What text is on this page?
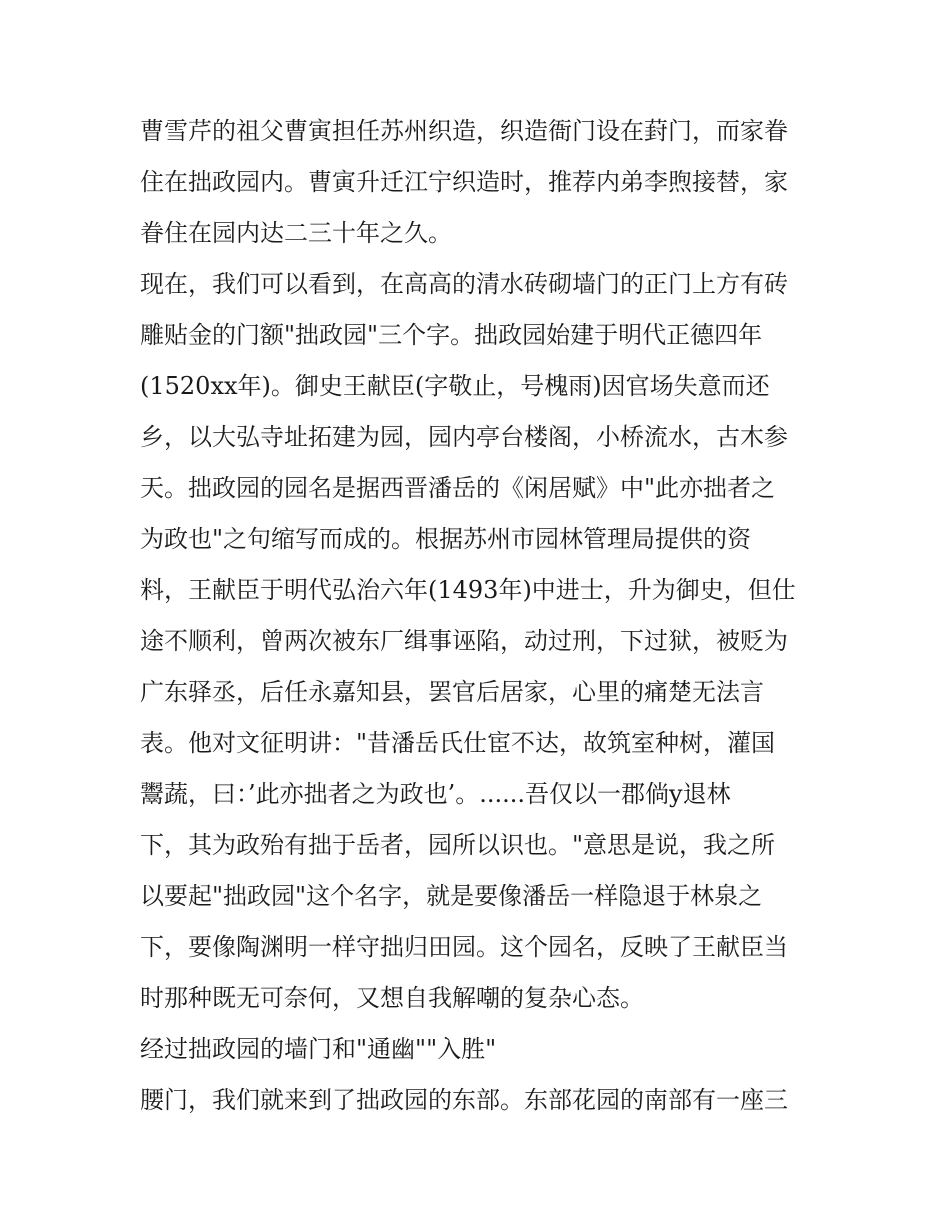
曹雪芹的祖父曹寅担任苏州织造，织造衙门设在葑门，而家眷
住在拙政园内。曹寅升迁江宁织造时，推荐内弟李煦接替，家
眷住在园内达二三十年之久。
现在，我们可以看到，在高高的清水砖砌墙门的正门上方有砖
雕贴金的门额"拙政园"三个字。拙政园始建于明代正德四年
(1520xx年)。御史王献臣(字敬止，号槐雨)因官场失意而还
乡，以大弘寺址拓建为园，园内亭台楼阁，小桥流水，古木参
天。拙政园的园名是据西晋潘岳的《闲居赋》中"此亦拙者之
为政也"之句缩写而成的。根据苏州市园林管理局提供的资
料，王献臣于明代弘治六年(1493年)中进士，升为御史，但仕
途不顺利，曾两次被东厂缉事诬陷，动过刑，下过狱，被贬为
广东驿丞，后任永嘉知县，罢官后居家，心里的痛楚无法言
表。他对文征明讲："昔潘岳氏仕宦不达，故筑室种树，灌国
鬻蔬，曰：’此亦拙者之为政也’。......吾仅以一郡倘y退林
下，其为政殆有拙于岳者，园所以识也。"意思是说，我之所
以要起"拙政园"这个名字，就是要像潘岳一样隐退于林泉之
下，要像陶渊明一样守拙归田园。这个园名，反映了王献臣当
时那种既无可奈何，又想自我解嘲的复杂心态。
经过拙政园的墙门和"通幽""入胜"
腰门，我们就来到了拙政园的东部。东部花园的南部有一座三
